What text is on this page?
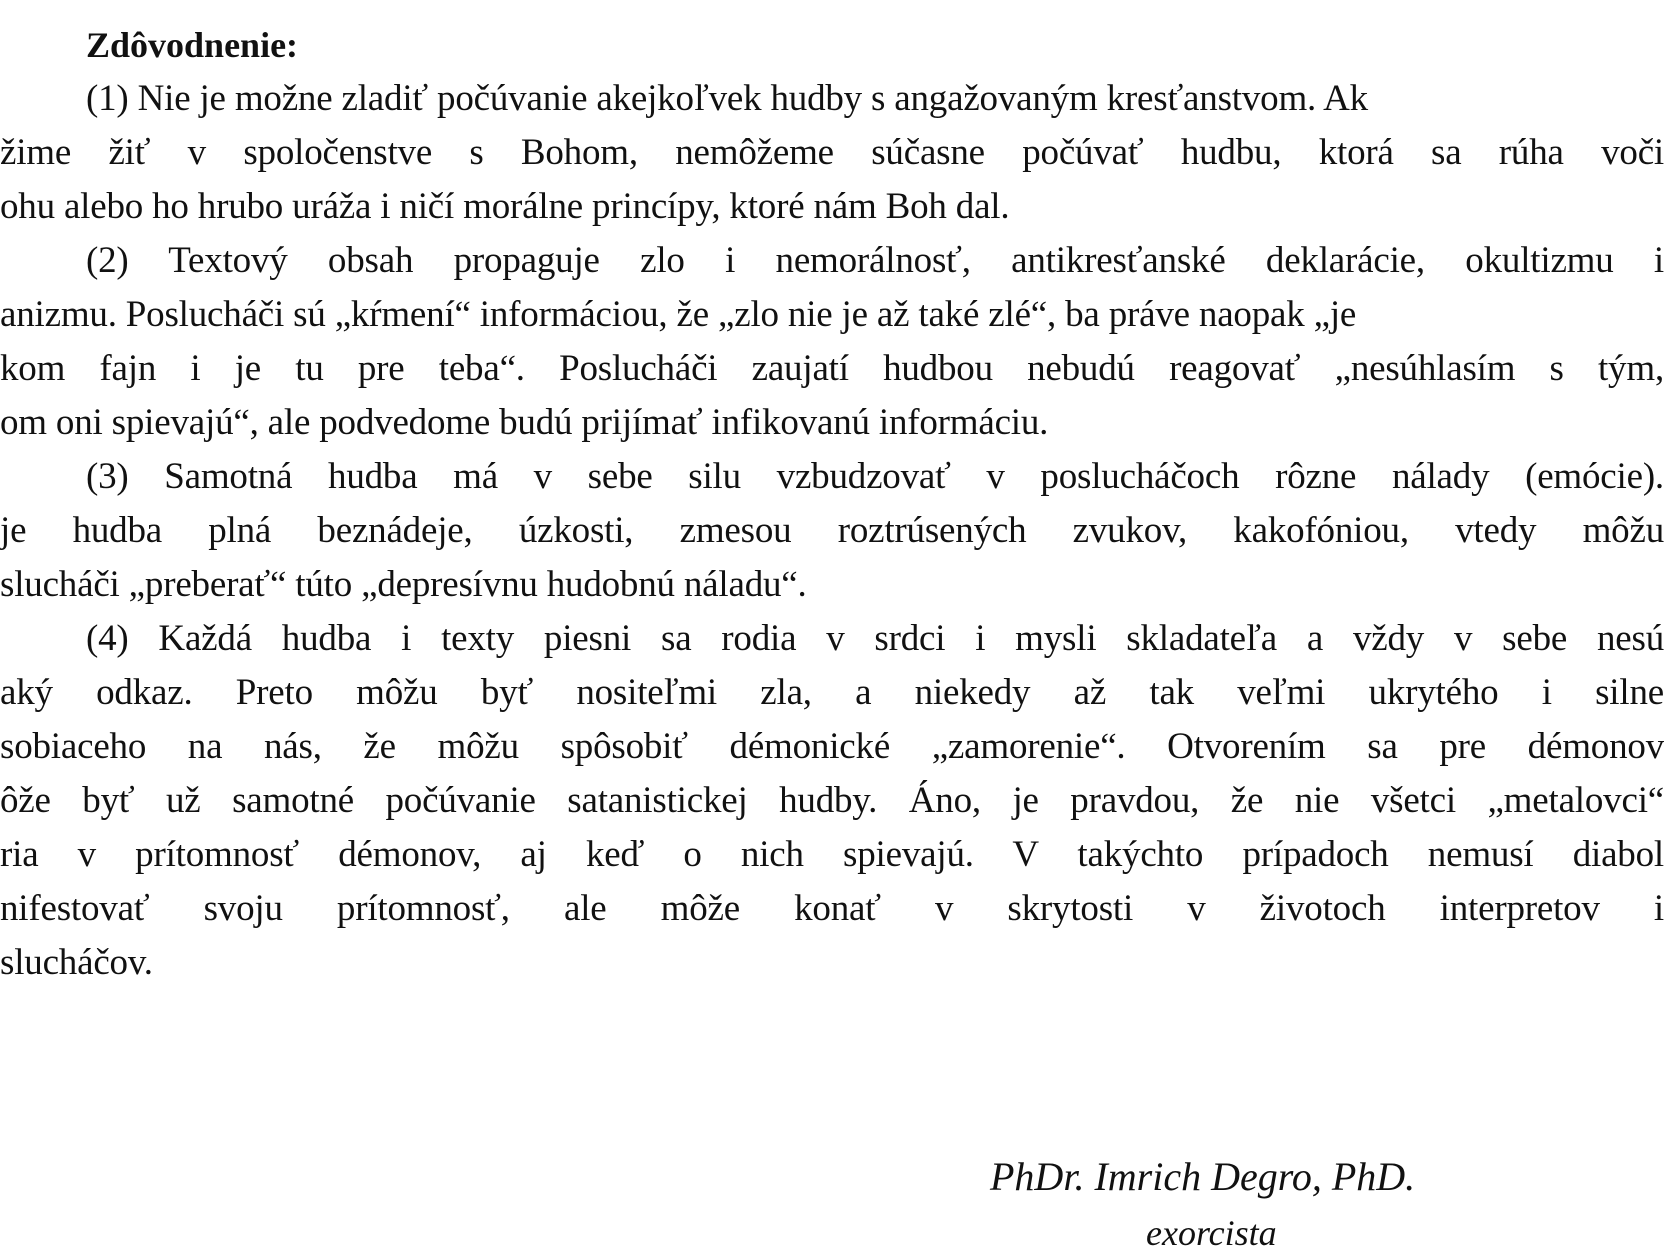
Zdôvodnenie:
(1) Nie je možne zladiť počúvanie akejkoľvek hudby s angažovaným kresťanstvom. Ak
žime žiť v spoločenstve s Bohom, nemôžeme súčasne počúvať hudbu, ktorá sa rúha voči
ohu alebo ho hrubo uráža i ničí morálne princípy, ktoré nám Boh dal.
(2) Textový obsah propaguje zlo i nemorálnosť, antikresťanské deklarácie, okultizmu i
anizmu. Poslucháči sú „kŕmení“ informáciou, že „zlo nie je až také zlé“, ba práve naopak „je
kom fajn i je tu pre teba“. Poslucháči zaujatí hudbou nebudú reagovať „nesúhlasím s tým,
om oni spievajú“, ale podvedome budú prijímať infikovanú informáciu.
(3) Samotná hudba má v sebe silu vzbudzovať v poslucháčoch rôzne nálady (emócie).
je hudba plná beznádeje, úzkosti, zmesou roztrúsených zvukov, kakofóniou, vtedy môžu
slucháči „preberať“ túto „depresívnu hudobnú náladu“.
(4) Každá hudba i texty piesni sa rodia v srdci i mysli skladateľa a vždy v sebe nesú
aký odkaz. Preto môžu byť nositeľmi zla, a niekedy až tak veľmi ukrytého i silne
sobiaceho na nás, že môžu spôsobiť démonické „zamorenie“. Otvorením sa pre démonov
ôže byť už samotné počúvanie satanistickej hudby. Áno, je pravdou, že nie všetci „metalovci“
ria v prítomnosť démonov, aj keď o nich spievajú. V takýchto prípadoch nemusí diabol
nifestovať svoju prítomnosť, ale môže konať v skrytosti v životoch interpretov i
slucháčov.
PhDr. Imrich Degro, PhD.
exorcista
